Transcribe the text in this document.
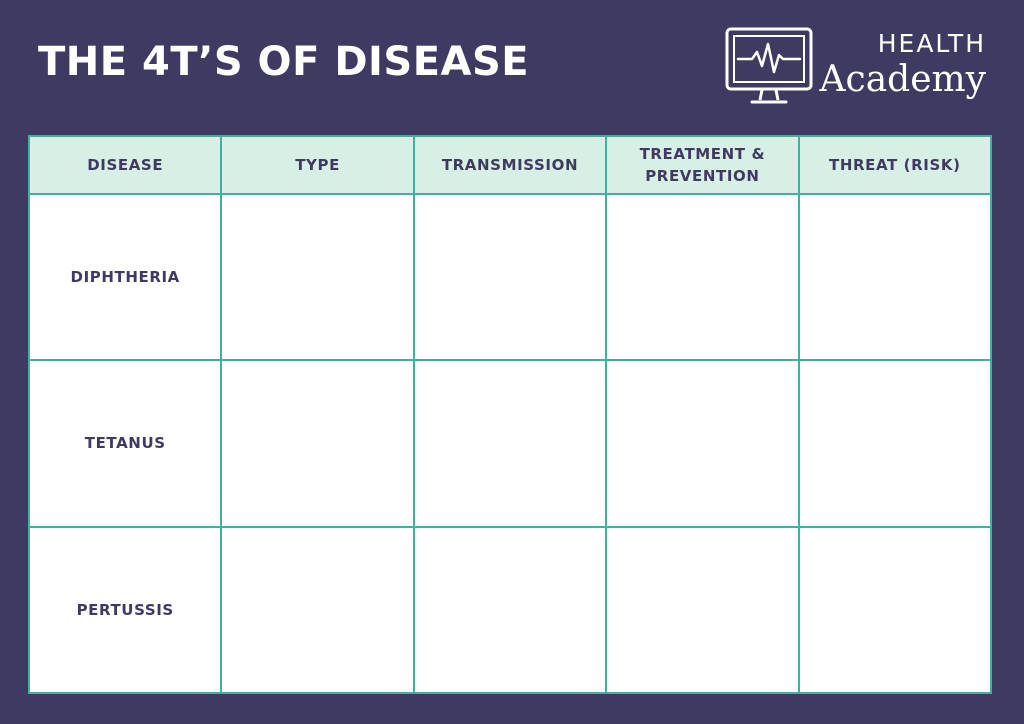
THE 4T’S OF DISEASE	HEALTH
Academy
DISEASE	TYPE	TRANSMISSION	TREATMENT & PREVENTION	THREAT (RISK)
DIPHTHERIA				
TETANUS				
PERTUSSIS				
